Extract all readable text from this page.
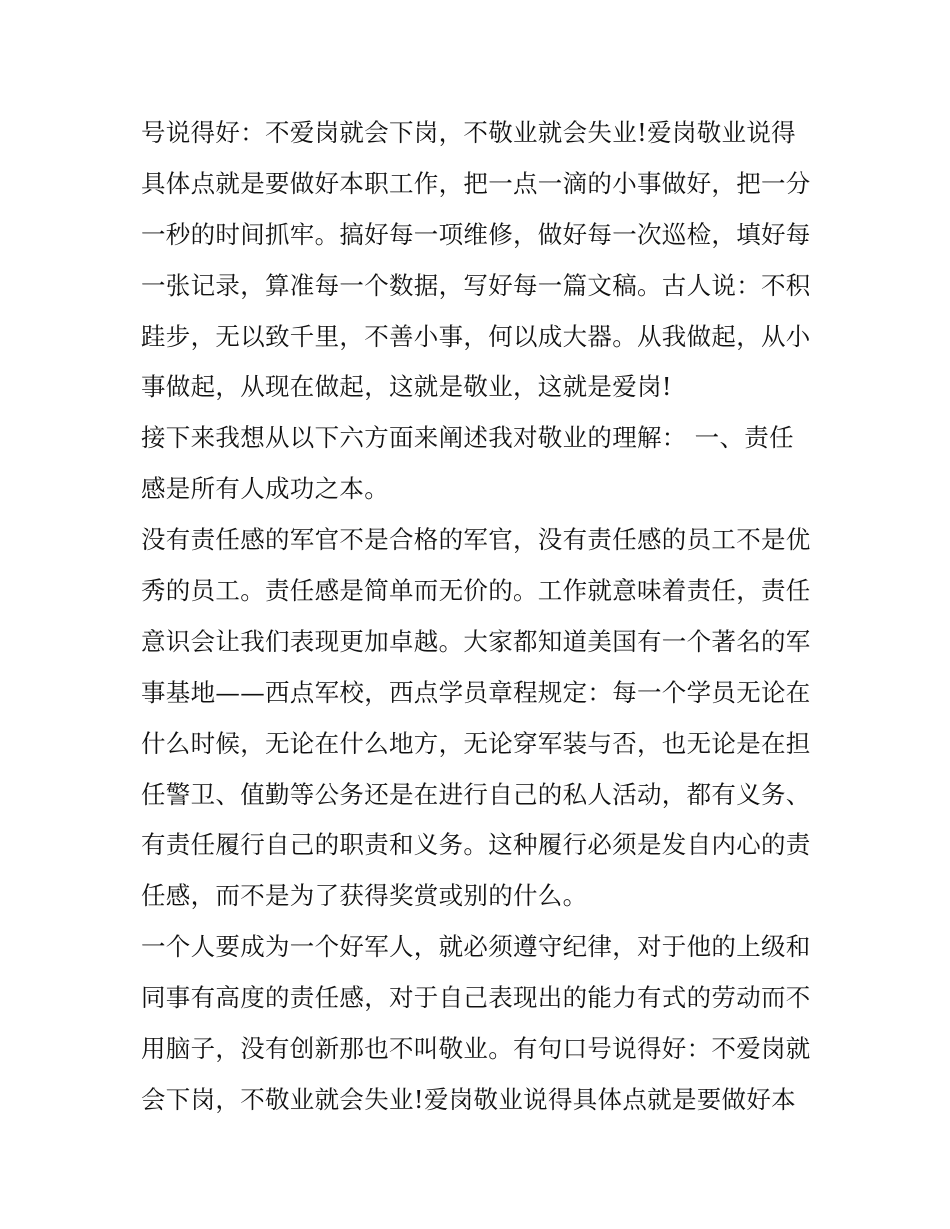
号说得好：不爱岗就会下岗，不敬业就会失业!爱岗敬业说得
具体点就是要做好本职工作，把一点一滴的小事做好，把一分
一秒的时间抓牢。搞好每一项维修，做好每一次巡检，填好每
一张记录，算准每一个数据，写好每一篇文稿。古人说：不积
跬步，无以致千里，不善小事，何以成大器。从我做起，从小
事做起，从现在做起，这就是敬业，这就是爱岗!
接下来我想从以下六方面来阐述我对敬业的理解： 一、责任
感是所有人成功之本。
没有责任感的军官不是合格的军官，没有责任感的员工不是优
秀的员工。责任感是简单而无价的。工作就意味着责任，责任
意识会让我们表现更加卓越。大家都知道美国有一个著名的军
事基地——西点军校，西点学员章程规定：每一个学员无论在
什么时候，无论在什么地方，无论穿军装与否，也无论是在担
任警卫、值勤等公务还是在进行自己的私人活动，都有义务、
有责任履行自己的职责和义务。这种履行必须是发自内心的责
任感，而不是为了获得奖赏或别的什么。
一个人要成为一个好军人，就必须遵守纪律，对于他的上级和
同事有高度的责任感，对于自己表现出的能力有式的劳动而不
用脑子，没有创新那也不叫敬业。有句口号说得好：不爱岗就
会下岗，不敬业就会失业!爱岗敬业说得具体点就是要做好本
